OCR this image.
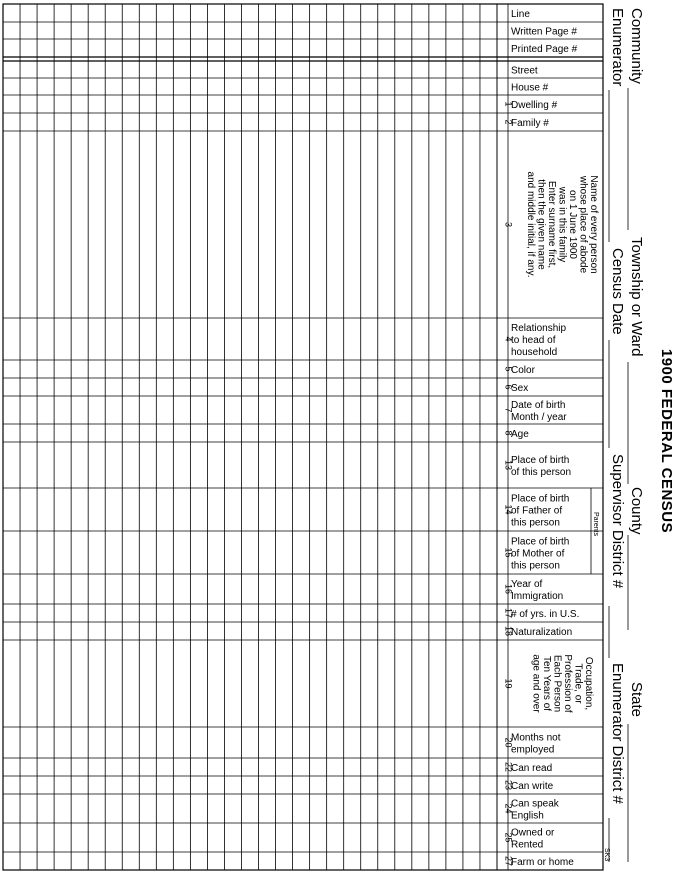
Line
Written Page #
Printed Page #
Street
House #
Dwelling #
1
Family #
2
Name of every personwhose place of abodeon 1 June 1900was in this familyEnter surname first,then the given nameand middle initial, if any.
3
Relationship
to head of
household
4
Color
5
Sex
6
Date of birth
Month / year
7
Age
8
Place of birth
of this person
13
Place of birth
of Father of
this person
14
Place of birth
of Mother of
this person
15
Year of
Immigration
16
# of yrs. in U.S.
17
Naturalization
18
Occupation,Trade, orProfession ofEach PersonTen Years ofage and over
19
Months not
employed
20
Can read
22
Can write
23
Can speak
English
24
Owned or
Rented
25
Farm or home
27
1900 FEDERAL CENSUS
Community
Enumerator
Township or Ward
Census Date
County
Supervisor District #
State
Enumerator District #
Parents
SK3
